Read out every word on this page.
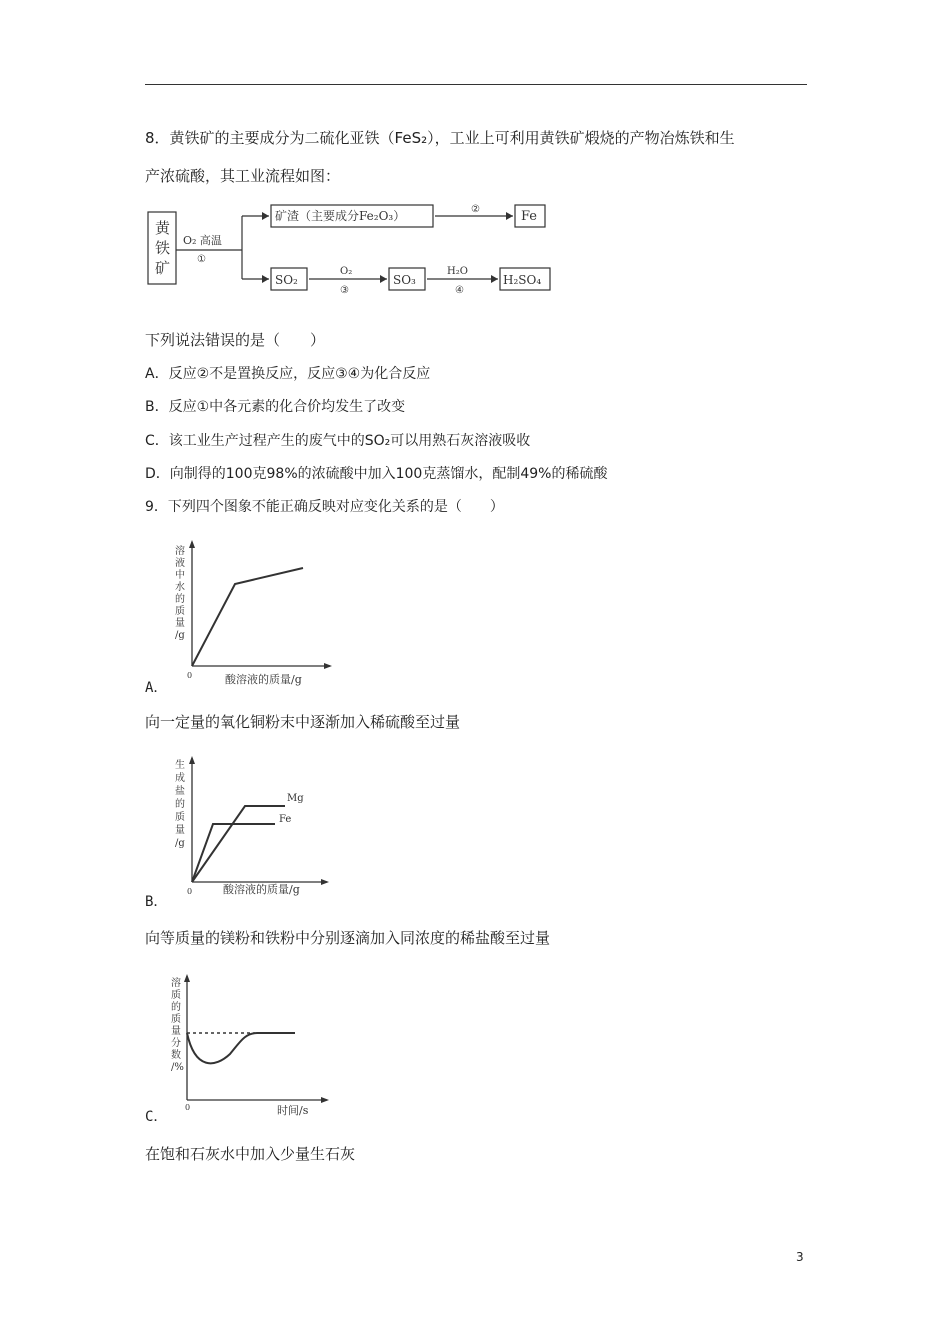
8．黄铁矿的主要成分为二硫化亚铁（FeS₂），工业上可利用黄铁矿煅烧的产物冶炼铁和生
产浓硫酸，其工业流程如图：
黄
铁
矿
O₂ 高温
①
矿渣（主要成分Fe₂O₃）	②	Fe
SO₂
O₂
③
SO₃
H₂O
④
H₂SO₄
下列说法错误的是（　　）
A．反应②不是置换反应，反应③④为化合反应
B．反应①中各元素的化合价均发生了改变
C．该工业生产过程产生的废气中的SO₂可以用熟石灰溶液吸收
D．向制得的100克98%的浓硫酸中加入100克蒸馏水，配制49%的稀硫酸
9．下列四个图象不能正确反映对应变化关系的是（　　）
溶
液
中
水
的
质
量
/g
0	酸溶液的质量/g
A．
向一定量的氧化铜粉末中逐渐加入稀硫酸至过量
生
成
盐
的
质
量
/g
Mg
Fe
0	酸溶液的质量/g
B．
向等质量的镁粉和铁粉中分别逐滴加入同浓度的稀盐酸至过量
溶
质
的
质
量
分
数
/%
0	时间/s
C．
在饱和石灰水中加入少量生石灰
3
